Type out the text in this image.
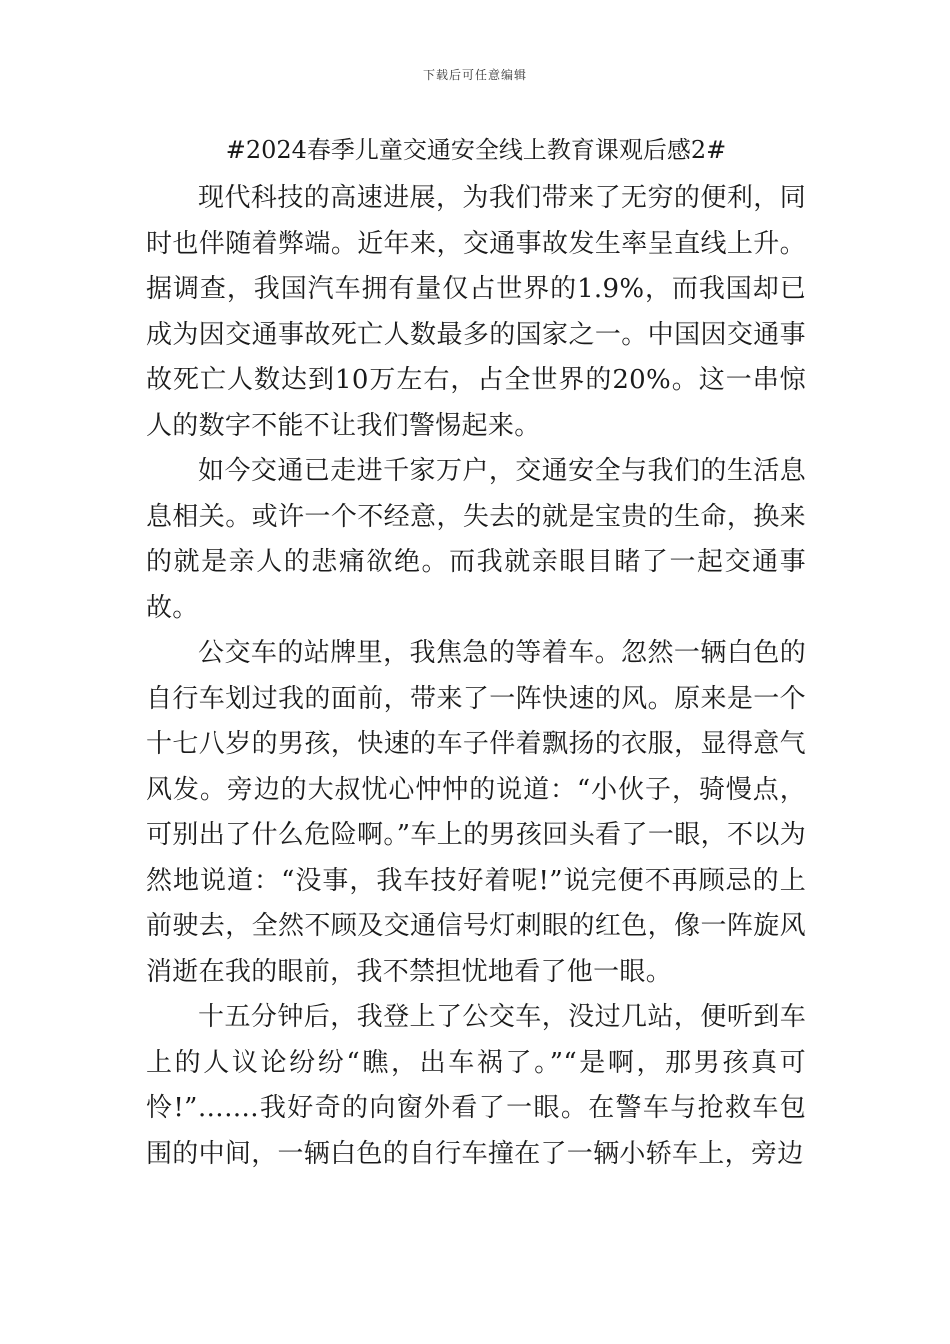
下载后可任意编辑
#2024春季儿童交通安全线上教育课观后感2#

现代科技的高速进展，为我们带来了无穷的便利，同时也伴随着弊端。近年来，交通事故发生率呈直线上升。据调查，我国汽车拥有量仅占世界的1.9%，而我国却已成为因交通事故死亡人数最多的国家之一。中国因交通事故死亡人数达到10万左右，占全世界的20%。这一串惊人的数字不能不让我们警惕起来。

如今交通已走进千家万户，交通安全与我们的生活息息相关。或许一个不经意，失去的就是宝贵的生命，换来的就是亲人的悲痛欲绝。而我就亲眼目睹了一起交通事故。

公交车的站牌里，我焦急的等着车。忽然一辆白色的自行车划过我的面前，带来了一阵快速的风。原来是一个十七八岁的男孩，快速的车子伴着飘扬的衣服，显得意气风发。旁边的大叔忧心忡忡的说道：“小伙子，骑慢点，可别出了什么危险啊。”车上的男孩回头看了一眼，不以为然地说道：“没事，我车技好着呢!”说完便不再顾忌的上前驶去，全然不顾及交通信号灯刺眼的红色，像一阵旋风消逝在我的眼前，我不禁担忧地看了他一眼。

十五分钟后，我登上了公交车，没过几站，便听到车上的人议论纷纷“瞧，出车祸了。”“是啊，那男孩真可怜!”…….我好奇的向窗外看了一眼。在警车与抢救车包围的中间，一辆白色的自行车撞在了一辆小轿车上，旁边
